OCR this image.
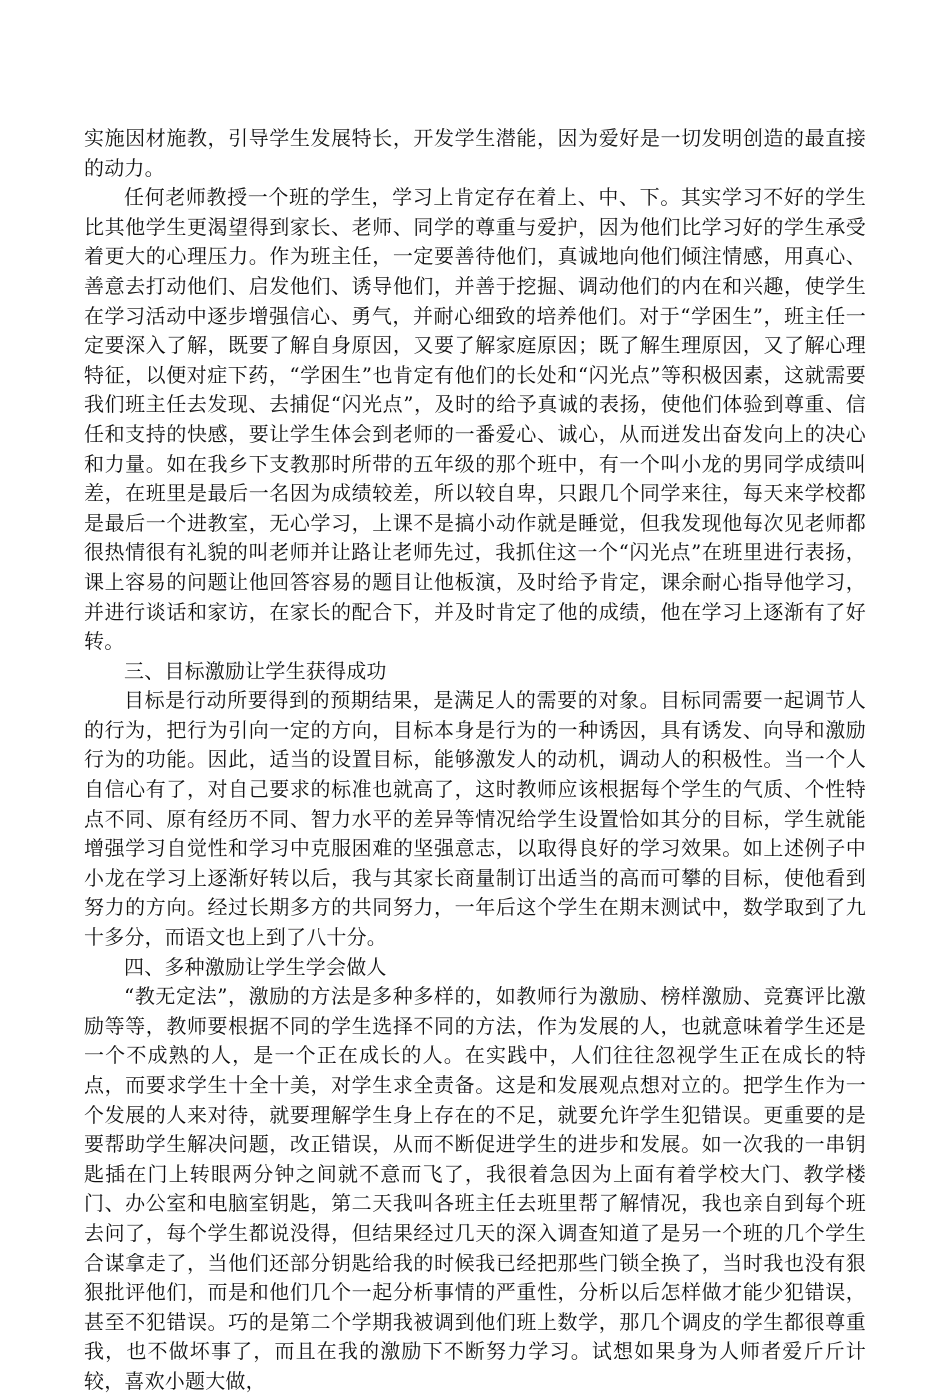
实施因材施教，引导学生发展特长，开发学生潜能，因为爱好是一切发明创造的最直接的动力。

任何老师教授一个班的学生，学习上肯定存在着上、中、下。其实学习不好的学生比其他学生更渴望得到家长、老师、同学的尊重与爱护，因为他们比学习好的学生承受着更大的心理压力。作为班主任，一定要善待他们，真诚地向他们倾注情感，用真心、善意去打动他们、启发他们、诱导他们，并善于挖掘、调动他们的内在和兴趣，使学生在学习活动中逐步增强信心、勇气，并耐心细致的培养他们。对于“学困生”，班主任一定要深入了解，既要了解自身原因，又要了解家庭原因；既了解生理原因，又了解心理特征，以便对症下药，“学困生”也肯定有他们的长处和“闪光点”等积极因素，这就需要我们班主任去发现、去捕促“闪光点”，及时的给予真诚的表扬，使他们体验到尊重、信任和支持的快感，要让学生体会到老师的一番爱心、诚心，从而迸发出奋发向上的决心和力量。如在我乡下支教那时所带的五年级的那个班中，有一个叫小龙的男同学成绩叫差，在班里是最后一名因为成绩较差，所以较自卑，只跟几个同学来往，每天来学校都是最后一个进教室，无心学习，上课不是搞小动作就是睡觉，但我发现他每次见老师都很热情很有礼貌的叫老师并让路让老师先过，我抓住这一个“闪光点”在班里进行表扬，课上容易的问题让他回答容易的题目让他板演，及时给予肯定，课余耐心指导他学习，并进行谈话和家访，在家长的配合下，并及时肯定了他的成绩，他在学习上逐渐有了好转。

三、目标激励让学生获得成功

目标是行动所要得到的预期结果，是满足人的需要的对象。目标同需要一起调节人的行为，把行为引向一定的方向，目标本身是行为的一种诱因，具有诱发、向导和激励行为的功能。因此，适当的设置目标，能够激发人的动机，调动人的积极性。当一个人自信心有了，对自己要求的标准也就高了，这时教师应该根据每个学生的气质、个性特点不同、原有经历不同、智力水平的差异等情况给学生设置恰如其分的目标，学生就能增强学习自觉性和学习中克服困难的坚强意志，以取得良好的学习效果。如上述例子中小龙在学习上逐渐好转以后，我与其家长商量制订出适当的高而可攀的目标，使他看到努力的方向。经过长期多方的共同努力，一年后这个学生在期末测试中，数学取到了九十多分，而语文也上到了八十分。

四、多种激励让学生学会做人

“教无定法”，激励的方法是多种多样的，如教师行为激励、榜样激励、竞赛评比激励等等，教师要根据不同的学生选择不同的方法，作为发展的人，也就意味着学生还是一个不成熟的人，是一个正在成长的人。在实践中，人们往往忽视学生正在成长的特点，而要求学生十全十美，对学生求全责备。这是和发展观点想对立的。把学生作为一个发展的人来对待，就要理解学生身上存在的不足，就要允许学生犯错误。更重要的是要帮助学生解决问题，改正错误，从而不断促进学生的进步和发展。如一次我的一串钥匙插在门上转眼两分钟之间就不意而飞了，我很着急因为上面有着学校大门、教学楼门、办公室和电脑室钥匙，第二天我叫各班主任去班里帮了解情况，我也亲自到每个班去问了，每个学生都说没得，但结果经过几天的深入调查知道了是另一个班的几个学生合谋拿走了，当他们还部分钥匙给我的时候我已经把那些门锁全换了，当时我也没有狠狠批评他们，而是和他们几个一起分析事情的严重性，分析以后怎样做才能少犯错误，甚至不犯错误。巧的是第二个学期我被调到他们班上数学，那几个调皮的学生都很尊重我，也不做坏事了，而且在我的激励下不断努力学习。试想如果身为人师者爱斤斤计较，喜欢小题大做，
